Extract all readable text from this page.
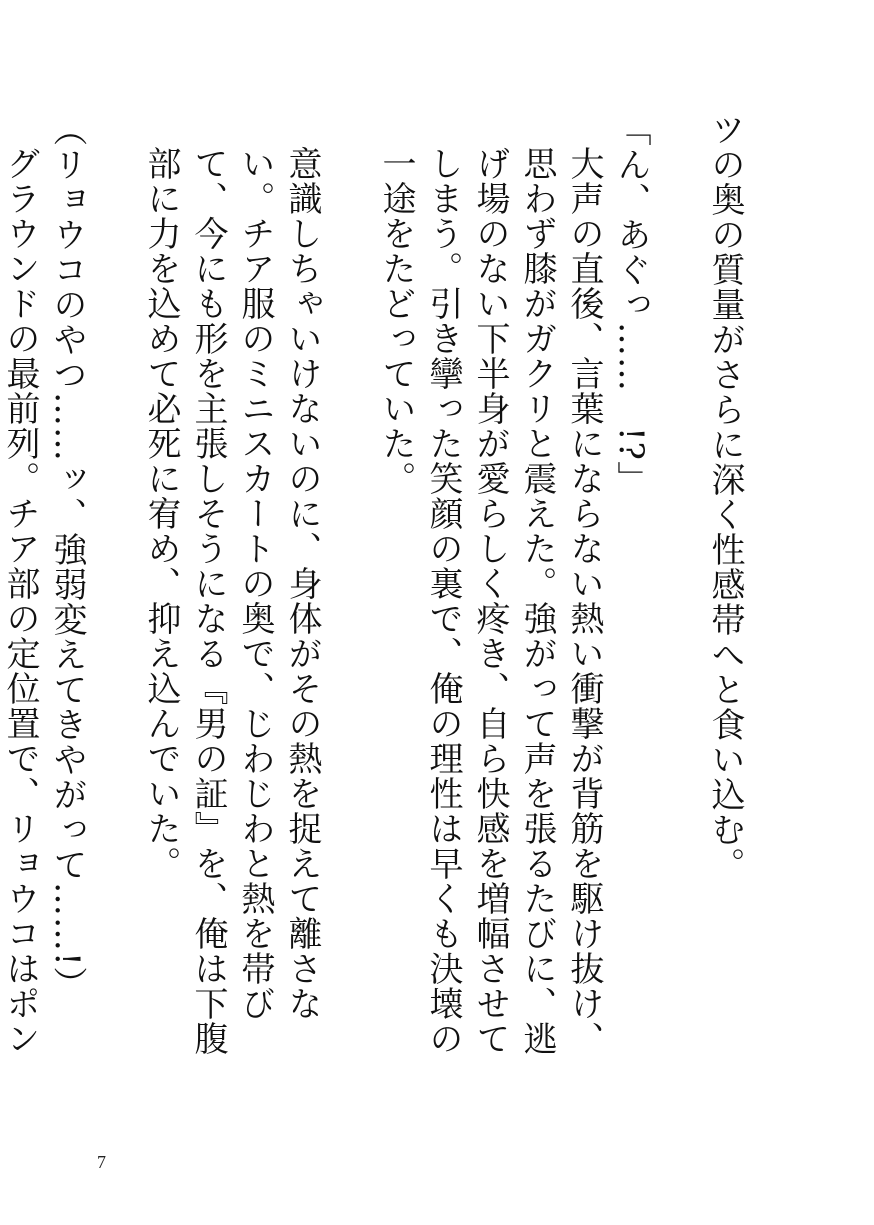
ツの奥の質量がさらに深く性感帯へと食い込む。
「ん、あぐっ……　!?」
大声の直後、言葉にならない熱い衝撃が背筋を駆け抜け、思わず膝がガクリと震えた。強がって声を張るたびに、逃げ場のない下半身が愛らしく疼き、自ら快感を増幅させてしまう。引き攣った笑顔の裏で、俺の理性は早くも決壊の一途をたどっていた。
意識しちゃいけないのに、身体がその熱を捉えて離さない。チア服のミニスカートの奥で、じわじわと熱を帯びて、今にも形を主張しそうになる『男の証』を、俺は下腹部に力を込めて必死に宥め、抑え込んでいた。
（リョウコのやつ……ッ、強弱変えてきやがって……!）
グラウンドの最前列。チア部の定位置で、リョウコはポン
7
